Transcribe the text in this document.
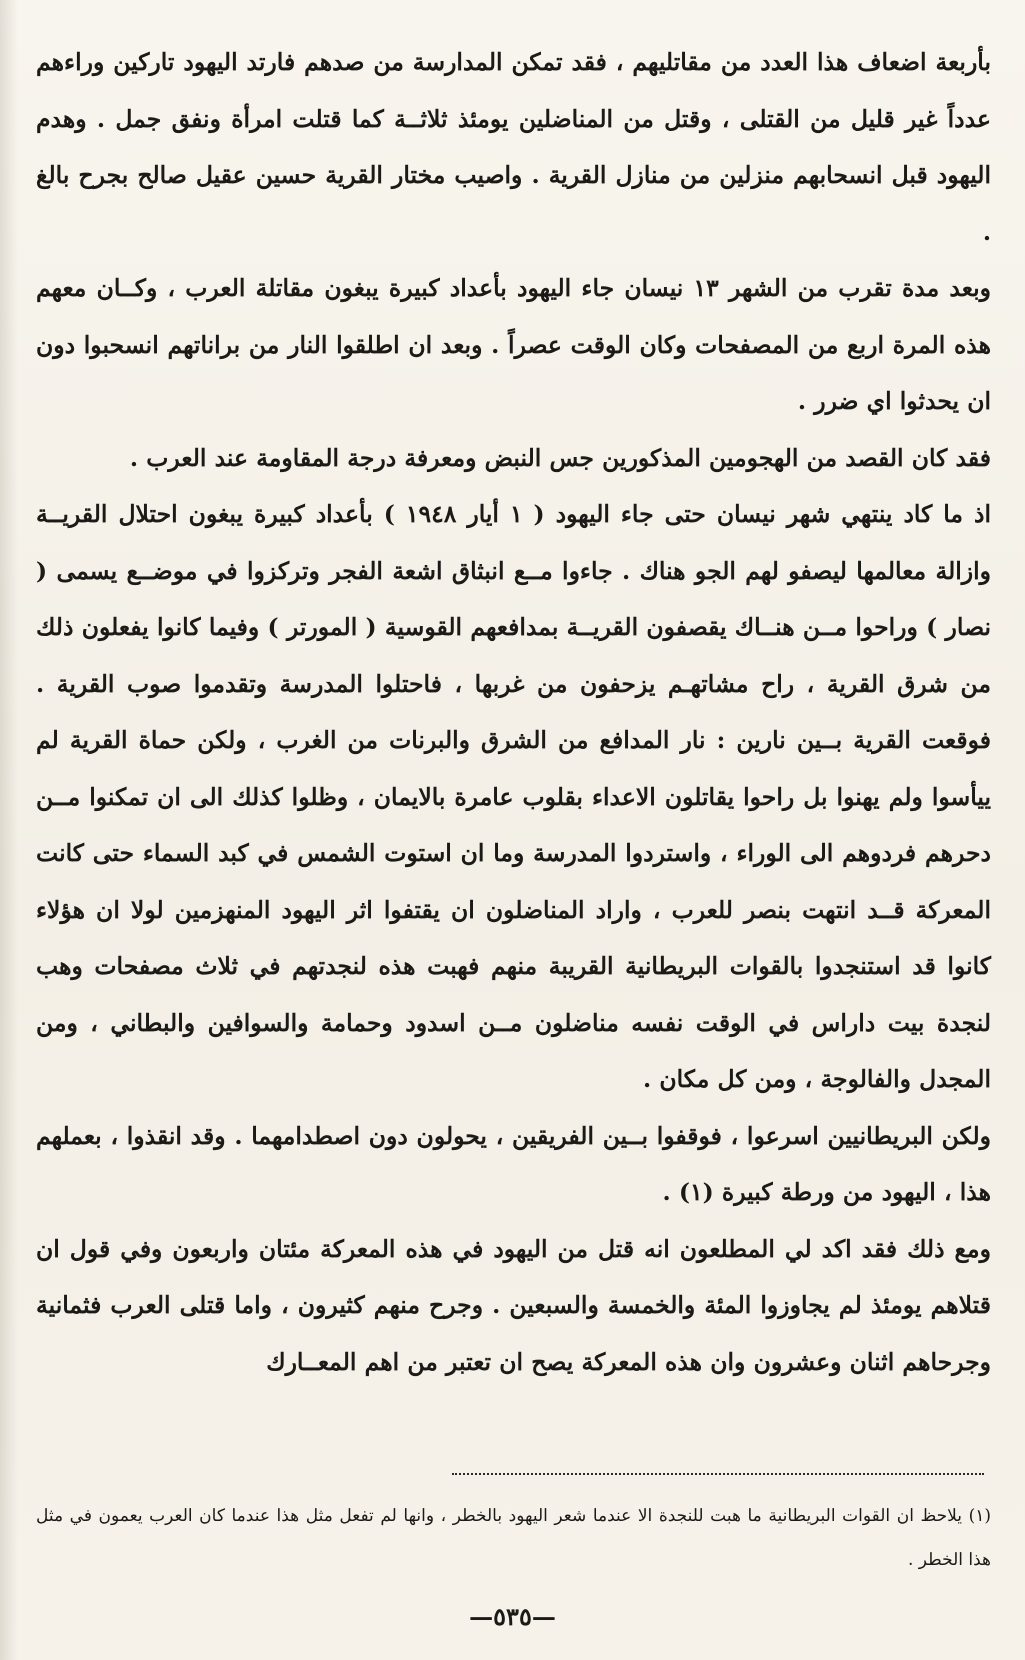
بأربعة اضعاف هذا العدد من مقاتليهم ، فقد تمكن المدارسة من صدهم فارتد اليهود تاركين وراءهم عدداً غير قليل من القتلى ، وقتل من المناضلين يومئذ ثلاثــة كما قتلت امرأة ونفق جمل . وهدم اليهود قبل انسحابهم منزلين من منازل القرية . واصيب مختار القرية حسين عقيل صالح بجرح بالغ .

وبعد مدة تقرب من الشهر ١٣ نيسان جاء اليهود بأعداد كبيرة يبغون مقاتلة العرب ، وكــان معهم هذه المرة اربع من المصفحات وكان الوقت عصراً . وبعد ان اطلقوا النار من براناتهم انسحبوا دون ان يحدثوا اي ضرر .

فقد كان القصد من الهجومين المذكورين جس النبض ومعرفة درجة المقاومة عند العرب .

اذ ما كاد ينتهي شهر نيسان حتى جاء اليهود ( ١ أيار ١٩٤٨ ) بأعداد كبيرة يبغون احتلال القريــة وازالة معالمها ليصفو لهم الجو هناك . جاءوا مــع انبثاق اشعة الفجر وتركزوا في موضــع يسمى ( نصار ) وراحوا مــن هنــاك يقصفون القريــة بمدافعهم القوسية ( المورتر ) وفيما كانوا يفعلون ذلك من شرق القرية ، راح مشاتهـم يزحفون من غربها ، فاحتلوا المدرسة وتقدموا صوب القرية . فوقعت القرية بــين نارين : نار المدافع من الشرق والبرنات من الغرب ، ولكن حماة القرية لم ييأسوا ولم يهنوا بل راحوا يقاتلون الاعداء بقلوب عامرة بالايمان ، وظلوا كذلك الى ان تمكنوا مــن دحرهم فردوهم الى الوراء ، واستردوا المدرسة وما ان استوت الشمس في كبد السماء حتى كانت المعركة قــد انتهت بنصر للعرب ، واراد المناضلون ان يقتفوا اثر اليهود المنهزمين لولا ان هؤلاء كانوا قد استنجدوا بالقوات البريطانية القريبة منهم فهبت هذه لنجدتهم في ثلاث مصفحات وهب لنجدة بيت داراس في الوقت نفسه مناضلون مــن اسدود وحمامة والسوافين والبطاني ، ومن المجدل والفالوجة ، ومن كل مكان .

ولكن البريطانيين اسرعوا ، فوقفوا بــين الفريقين ، يحولون دون اصطدامهما . وقد انقذوا ، بعملهم هذا ، اليهود من ورطة كبيرة (١) .

ومع ذلك فقد اكد لي المطلعون انه قتل من اليهود في هذه المعركة مئتان واربعون وفي قول ان قتلاهم يومئذ لم يجاوزوا المئة والخمسة والسبعين . وجرح منهم كثيرون ، واما قتلى العرب فثمانية وجرحاهم اثنان وعشرون وان هذه المعركة يصح ان تعتبر من اهم المعــارك

(١) يلاحظ ان القوات البريطانية ما هبت للنجدة الا عندما شعر اليهود بالخطر ، وانها لم تفعل مثل هذا عندما كان العرب يعمون في مثل هذا الخطر .

—٥٣٥—
